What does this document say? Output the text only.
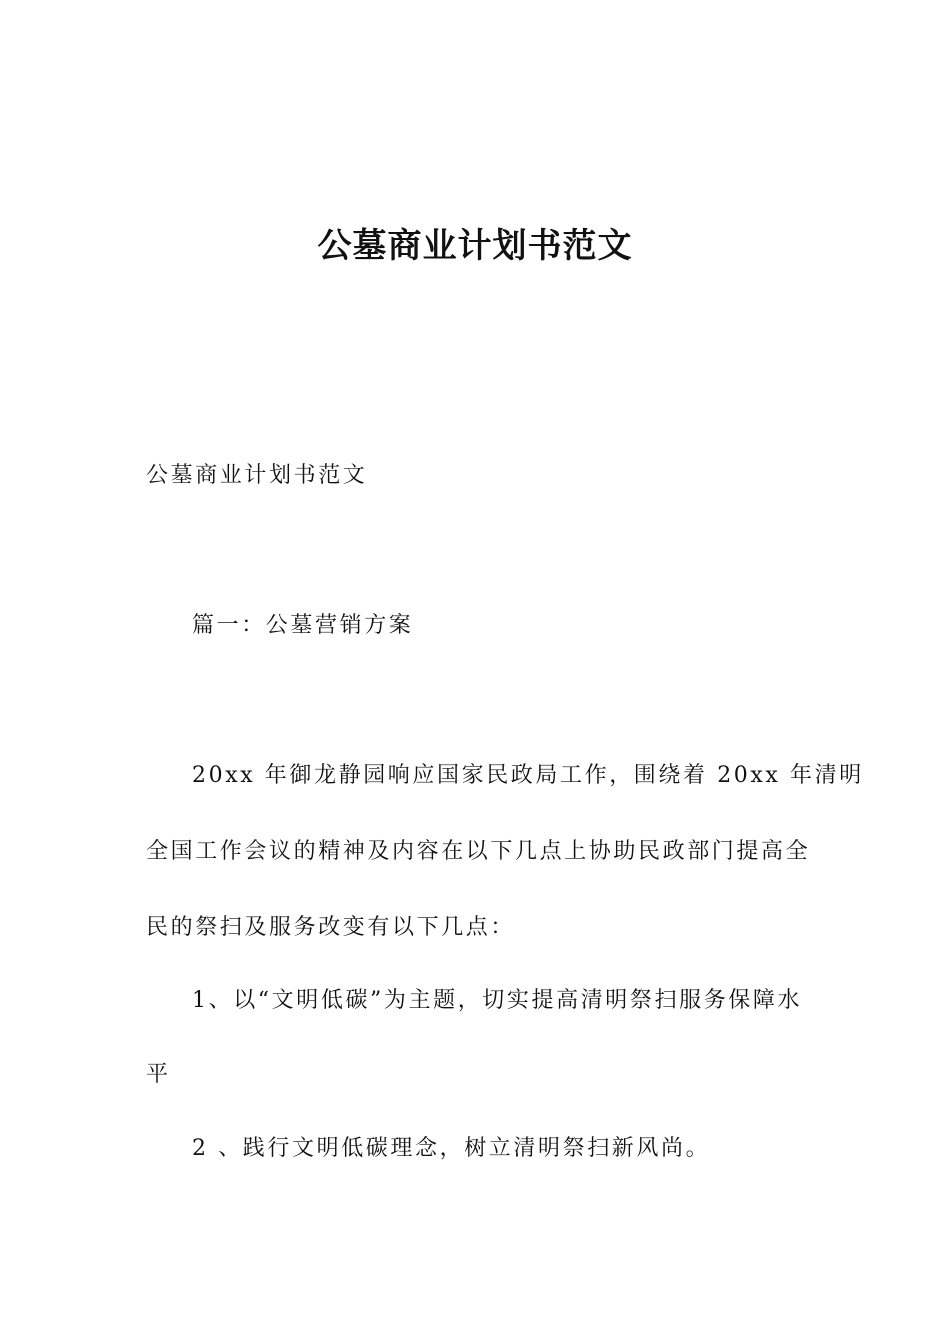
公墓商业计划书范文
公墓商业计划书范文
篇一：公墓营销方案
20xx 年御龙静园响应国家民政局工作，围绕着 20xx 年清明
全国工作会议的精神及内容在以下几点上协助民政部门提高全
民的祭扫及服务改变有以下几点：
1、以“文明低碳”为主题，切实提高清明祭扫服务保障水
平
2 、践行文明低碳理念，树立清明祭扫新风尚。
